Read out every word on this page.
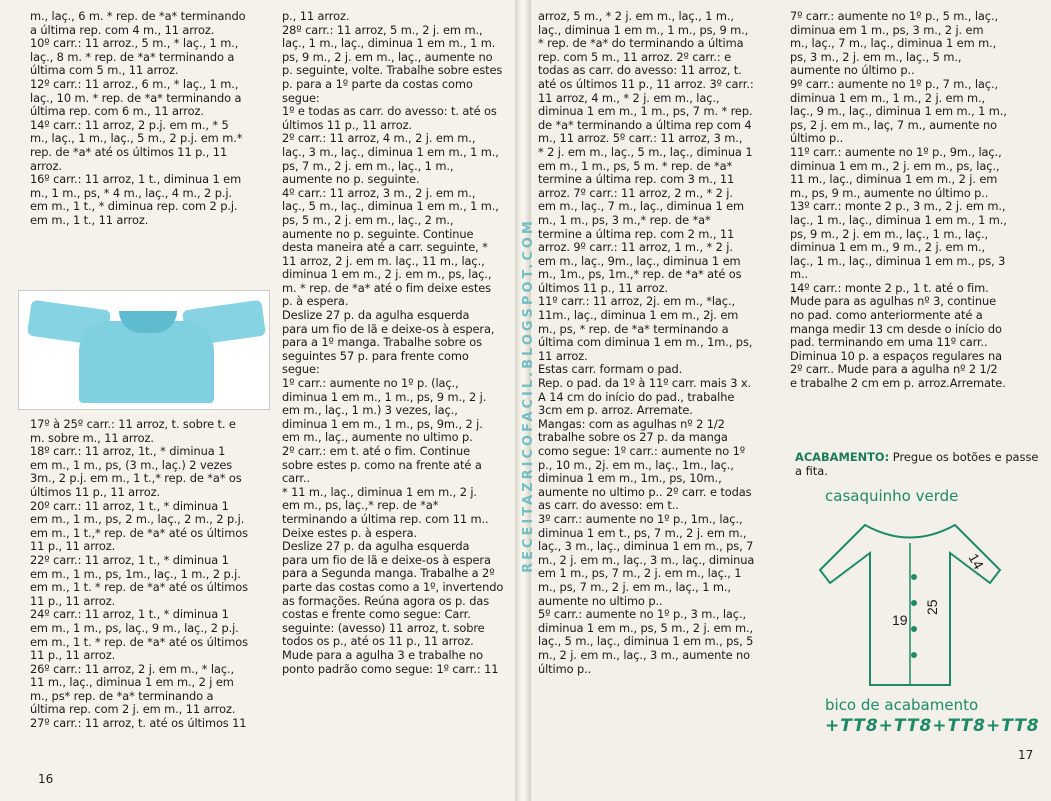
m., laç., 6 m. * rep. de *a* terminando

a última rep. com 4 m., 11 arroz.

10º carr.: 11 arroz., 5 m., * laç., 1 m.,

laç., 8 m. * rep. de *a* terminando a

última com 5 m., 11 arroz.

12º carr.: 11 arroz., 6 m., * laç., 1 m.,

laç., 10 m. * rep. de *a* terminando a

última rep. com 6 m., 11 arroz.

14º carr.: 11 arroz, 2 p.j. em m., * 5

m., laç., 1 m., laç., 5 m., 2 p.j. em m.*

rep. de *a* até os últimos 11 p., 11

arroz.

16º carr.: 11 arroz, 1 t., diminua 1 em

m., 1 m., ps, * 4 m., laç., 4 m., 2 p.j.

em m., 1 t., * diminua rep. com 2 p.j.

em m., 1 t., 11 arroz.

17º à 25º carr.: 11 arroz, t. sobre t. e

m. sobre m., 11 arroz.

18º carr.: 11 arroz, 1t., * diminua 1

em m., 1 m., ps, (3 m., laç.) 2 vezes

3m., 2 p.j. em m., 1 t.,* rep. de *a* os

últimos 11 p., 11 arroz.

20º carr.: 11 arroz, 1 t., * diminua 1

em m., 1 m., ps, 2 m., laç., 2 m., 2 p.j.

em m., 1 t.,* rep. de *a* até os últimos

11 p., 11 arroz.

22º carr.: 11 arroz, 1 t., * diminua 1

em m., 1 m., ps, 1m., laç., 1 m., 2 p.j.

em m., 1 t. * rep. de *a* até os últimos

11 p., 11 arroz.

24º carr.: 11 arroz, 1 t., * diminua 1

em m., 1 m., ps, laç., 9 m., laç., 2 p.j.

em m., 1 t. * rep. de *a* até os últimos

11 p., 11 arroz.

26º carr.: 11 arroz, 2 j. em m., * laç.,

11 m., laç., diminua 1 em m., 2 j em

m., ps* rep. de *a* terminando a

última rep. com 2 j. em m., 11 arroz.

27º carr.: 11 arroz, t. até os últimos 11

p., 11 arroz.

28º carr.: 11 arroz, 5 m., 2 j. em m.,

laç., 1 m., laç., diminua 1 em m., 1 m.

ps, 9 m., 2 j. em m., laç., aumente no

p. seguinte, volte. Trabalhe sobre estes

p. para a 1º parte da costas como

segue:

1º e todas as carr. do avesso: t. até os

últimos 11 p., 11 arroz.

2º carr.: 11 arroz, 4 m., 2 j. em m.,

laç., 3 m., laç., diminua 1 em m., 1 m.,

ps, 7 m., 2 j. em m., laç., 1 m.,

aumente no p. seguinte.

4º carr.: 11 arroz, 3 m., 2 j. em m.,

laç., 5 m., laç., diminua 1 em m., 1 m.,

ps, 5 m., 2 j. em m., laç., 2 m.,

aumente no p. seguinte. Continue

desta maneira até a carr. seguinte, *

11 arroz, 2 j. em m. laç., 11 m., laç.,

diminua 1 em m., 2 j. em m., ps, laç.,

m. * rep. de *a* até o fim deixe estes

p. à espera.

Deslize 27 p. da agulha esquerda

para um fio de lã e deixe-os à espera,

para a 1º manga. Trabalhe sobre os

seguintes 57 p. para frente como

segue:

1º carr.: aumente no 1º p. (laç.,

diminua 1 em m., 1 m., ps, 9 m., 2 j.

em m., laç., 1 m.) 3 vezes, laç.,

diminua 1 em m., 1 m., ps, 9m., 2 j.

em m., laç., aumente no ultimo p.

2º carr.: em t. até o fim. Continue

sobre estes p. como na frente até a

carr..

* 11 m., laç., diminua 1 em m., 2 j.

em m., ps, laç.,* rep. de *a*

terminando a última rep. com 11 m..

Deixe estes p. à espera.

Deslize 27 p. da agulha esquerda

para um fio de lã e deixe-os à espera

para a Segunda manga. Trabalhe a 2º

parte das costas como a 1º, invertendo

as formações. Reúna agora os p. das

costas e frente como segue: Carr.

seguinte: (avesso) 11 arroz, t. sobre

todos os p., até os 11 p., 11 arroz.

Mude para a agulha 3 e trabalhe no

ponto padrão como segue: 1º carr.: 11

16
RECEITAZRICOFACIL.BLOGSPOT.COM

arroz, 5 m., * 2 j. em m., laç., 1 m.,

laç., diminua 1 em m., 1 m., ps, 9 m.,

* rep. de *a* do terminando a última

rep. com 5 m., 11 arroz. 2º carr.: e

todas as carr. do avesso: 11 arroz, t.

até os últimos 11 p., 11 arroz. 3º carr.:

11 arroz, 4 m., * 2 j. em m., laç.,

diminua 1 em m., 1 m., ps, 7 m. * rep.

de *a* terminando a última rep com 4

m., 11 arroz. 5º carr.: 11 arroz, 3 m.,

* 2 j. em m., laç., 5 m., laç., diminua 1

em m., 1 m., ps, 5 m. * rep. de *a*

termine a última rep. com 3 m., 11

arroz. 7º carr.: 11 arroz, 2 m., * 2 j.

em m., laç., 7 m., laç., diminua 1 em

m., 1 m., ps, 3 m.,* rep. de *a*

termine a última rep. com 2 m., 11

arroz. 9º carr.: 11 arroz, 1 m., * 2 j.

em m., laç., 9m., laç., diminua 1 em

m., 1m., ps, 1m.,* rep. de *a* até os

últimos 11 p., 11 arroz.

11º carr.: 11 arroz, 2j. em m., *laç.,

11m., laç., diminua 1 em m., 2j. em

m., ps, * rep. de *a* terminando a

última com diminua 1 em m., 1m., ps,

11 arroz.

Estas carr. formam o pad.

Rep. o pad. da 1º à 11º carr. mais 3 x.

A 14 cm do início do pad., trabalhe

3cm em p. arroz. Arremate.

Mangas: com as agulhas nº 2 1/2

trabalhe sobre os 27 p. da manga

como segue: 1º carr.: aumente no 1º

p., 10 m., 2j. em m., laç., 1m., laç.,

diminua 1 em m., 1m., ps, 10m.,

aumente no ultimo p.. 2º carr. e todas

as carr. do avesso: em t..

3º carr.: aumente no 1º p., 1m., laç.,

diminua 1 em t., ps, 7 m., 2 j. em m.,

laç., 3 m., laç., diminua 1 em m., ps, 7

m., 2 j. em m., laç., 3 m., laç., diminua

em 1 m., ps, 7 m., 2 j. em m., laç., 1

m., ps, 7 m., 2 j. em m., laç., 1 m.,

aumente no ultimo p..

5º carr.: aumente no 1º p., 3 m., laç.,

diminua 1 em m., ps, 5 m., 2 j. em m.,

laç., 5 m., laç., diminua 1 em m., ps, 5

m., 2 j. em m., laç., 3 m., aumente no

último p..

7º carr.: aumente no 1º p., 5 m., laç.,

diminua em 1 m., ps, 3 m., 2 j. em

m., laç., 7 m., laç., diminua 1 em m.,

ps, 3 m., 2 j. em m., laç., 5 m.,

aumente no último p..

9º carr.: aumente no 1º p., 7 m., laç.,

diminua 1 em m., 1 m., 2 j. em m.,

laç., 9 m., laç., diminua 1 em m., 1 m.,

ps, 2 j. em m., laç, 7 m., aumente no

último p..

11º carr.: aumente no 1º p., 9m., laç.,

diminua 1 em m., 2 j. em m., ps, laç.,

11 m., laç., diminua 1 em m., 2 j. em

m., ps, 9 m., aumente no último p..

13º carr.: monte 2 p., 3 m., 2 j. em m.,

laç., 1 m., laç., diminua 1 em m., 1 m.,

ps, 9 m., 2 j. em m., laç., 1 m., laç.,

diminua 1 em m., 9 m., 2 j. em m.,

laç., 1 m., laç., diminua 1 em m., ps, 3

m..

14º carr.: monte 2 p., 1 t. até o fim.

Mude para as agulhas nº 3, continue

no pad. como anteriormente até a

manga medir 13 cm desde o início do

pad. terminando em uma 11º carr..

Diminua 10 p. a espaços regulares na

2º carr.. Mude para a agulha nº 2 1/2

e trabalhe 2 cm em p. arroz.Arremate.

ACABAMENTO: Pregue os botões e passe a fita.
casaquinho verde
19
25
14
bico de acabamento
+TT8+TT8+TT8+TT8
17
